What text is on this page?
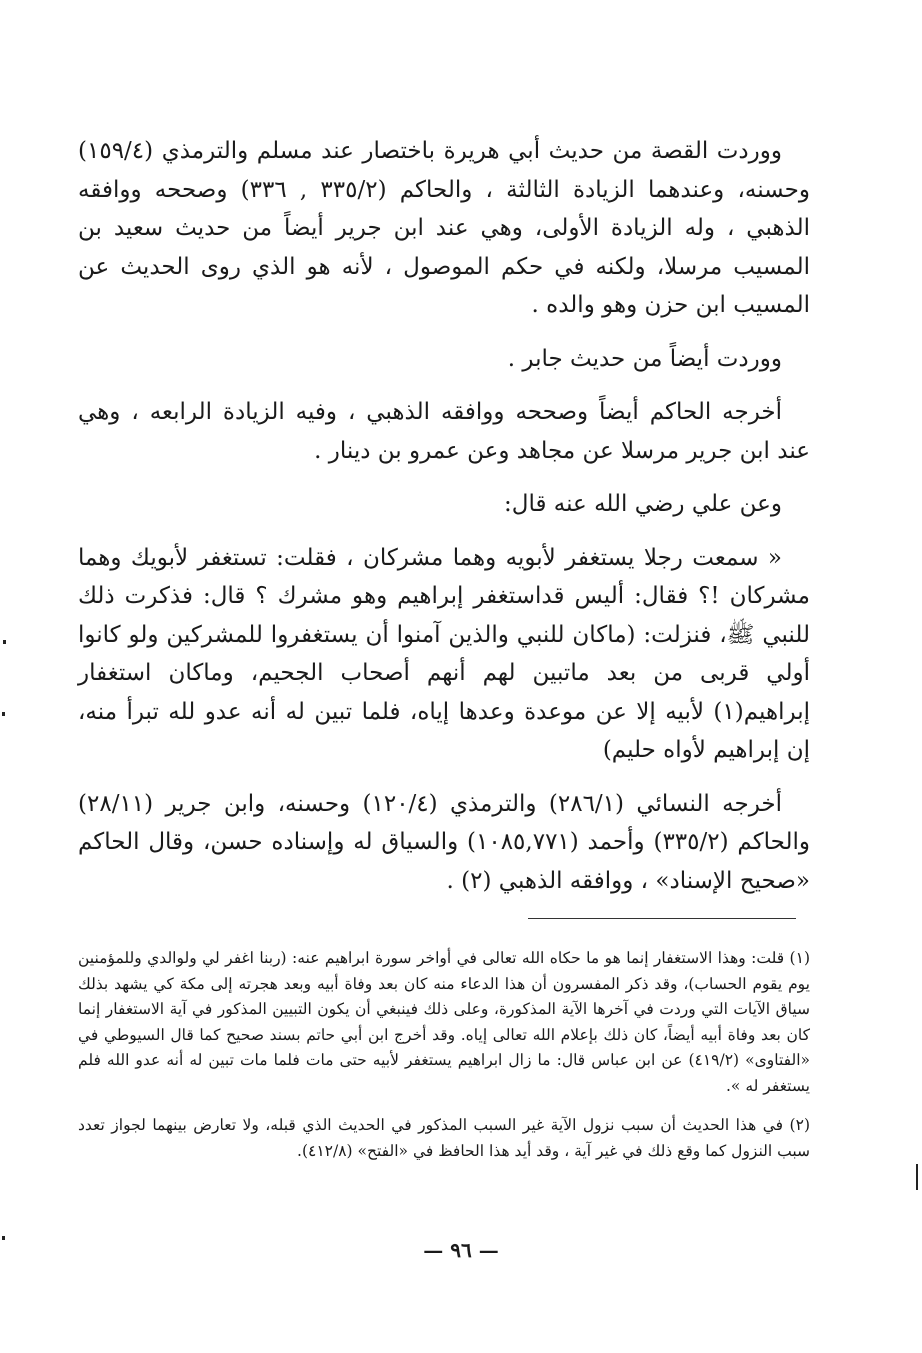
ووردت القصة من حديث أبي هريرة باختصار عند مسلم والترمذي (١٥٩/٤) وحسنه، وعندهما الزيادة الثالثة ، والحاكم (٣٣٥/٢ , ٣٣٦) وصححه ووافقه الذهبي ، وله الزيادة الأولى، وهي عند ابن جرير أيضاً من حديث سعيد بن المسيب مرسلا، ولكنه في حكم الموصول ، لأنه هو الذي روى الحديث عن المسيب ابن حزن وهو والده .

ووردت أيضاً من حديث جابر .

أخرجه الحاكم أيضاً وصححه ووافقه الذهبي ، وفيه الزيادة الرابعه ، وهي عند ابن جرير مرسلا عن مجاهد وعن عمرو بن دينار .

وعن علي رضي الله عنه قال:

« سمعت رجلا يستغفر لأبويه وهما مشركان ، فقلت: تستغفر لأبويك وهما مشركان !؟ فقال: أليس قداستغفر إبراهيم وهو مشرك ؟ قال: فذكرت ذلك للنبي ﷺ، فنزلت: (ماكان للنبي والذين آمنوا أن يستغفروا للمشركين ولو كانوا أولي قربى من بعد ماتبين لهم أنهم أصحاب الجحيم، وماكان استغفار إبراهيم(١) لأبيه إلا عن موعدة وعدها إياه، فلما تبين له أنه عدو لله تبرأ منه، إن إبراهيم لأواه حليم)

أخرجه النسائي (٢٨٦/١) والترمذي (١٢٠/٤) وحسنه، وابن جرير (٢٨/١١) والحاكم (٣٣٥/٢) وأحمد (١٠٨٥,٧٧١) والسياق له وإسناده حسن، وقال الحاكم «صحيح الإسناد» ، ووافقه الذهبي (٢) .

(١) قلت: وهذا الاستغفار إنما هو ما حكاه الله تعالى في أواخر سورة ابراهيم عنه: (ربنا اغفر لي ولوالدي وللمؤمنين يوم يقوم الحساب)، وقد ذكر المفسرون أن هذا الدعاء منه كان بعد وفاة أبيه وبعد هجرته إلى مكة كي يشهد بذلك سياق الآيات التي وردت في آخرها الآية المذكورة، وعلى ذلك فينبغي أن يكون التبيين المذكور في آية الاستغفار إنما كان بعد وفاة أبيه أيضاً، كان ذلك بإعلام الله تعالى إياه. وقد أخرج ابن أبي حاتم بسند صحيح كما قال السيوطي في «الفتاوى» (٤١٩/٢) عن ابن عباس قال: ما زال ابراهيم يستغفر لأبيه حتى مات فلما مات تبين له أنه عدو الله فلم يستغفر له ».

(٢) في هذا الحديث أن سبب نزول الآية غير السبب المذكور في الحديث الذي قبله، ولا تعارض بينهما لجواز تعدد سبب النزول كما وقع ذلك في غير آية ، وقد أيد هذا الحافظ في «الفتح» (٤١٢/٨).

— ٩٦ —
